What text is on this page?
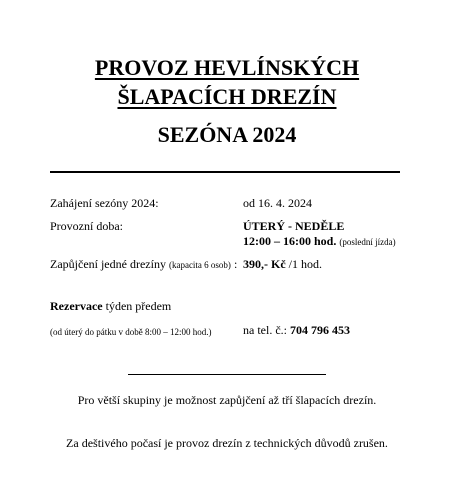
PROVOZ HEVLÍNSKÝCH
ŠLAPACÍCH DREZÍN
SEZÓNA 2024
Zahájení sezóny 2024:	od 16. 4. 2024
Provozní doba:	ÚTERÝ - NEDĚLE
12:00 – 16:00 hod. (poslední jízda)
Zapůjčení jedné drezíny (kapacita 6 osob) : 390,- Kč /1 hod.
Rezervace týden předem
(od úterý do pátku v době 8:00 – 12:00 hod.)	na tel. č.: 704 796 453
Pro větší skupiny je možnost zapůjčení až tří šlapacích drezín.
Za deštivého počasí je provoz drezín z technických důvodů zrušen.
